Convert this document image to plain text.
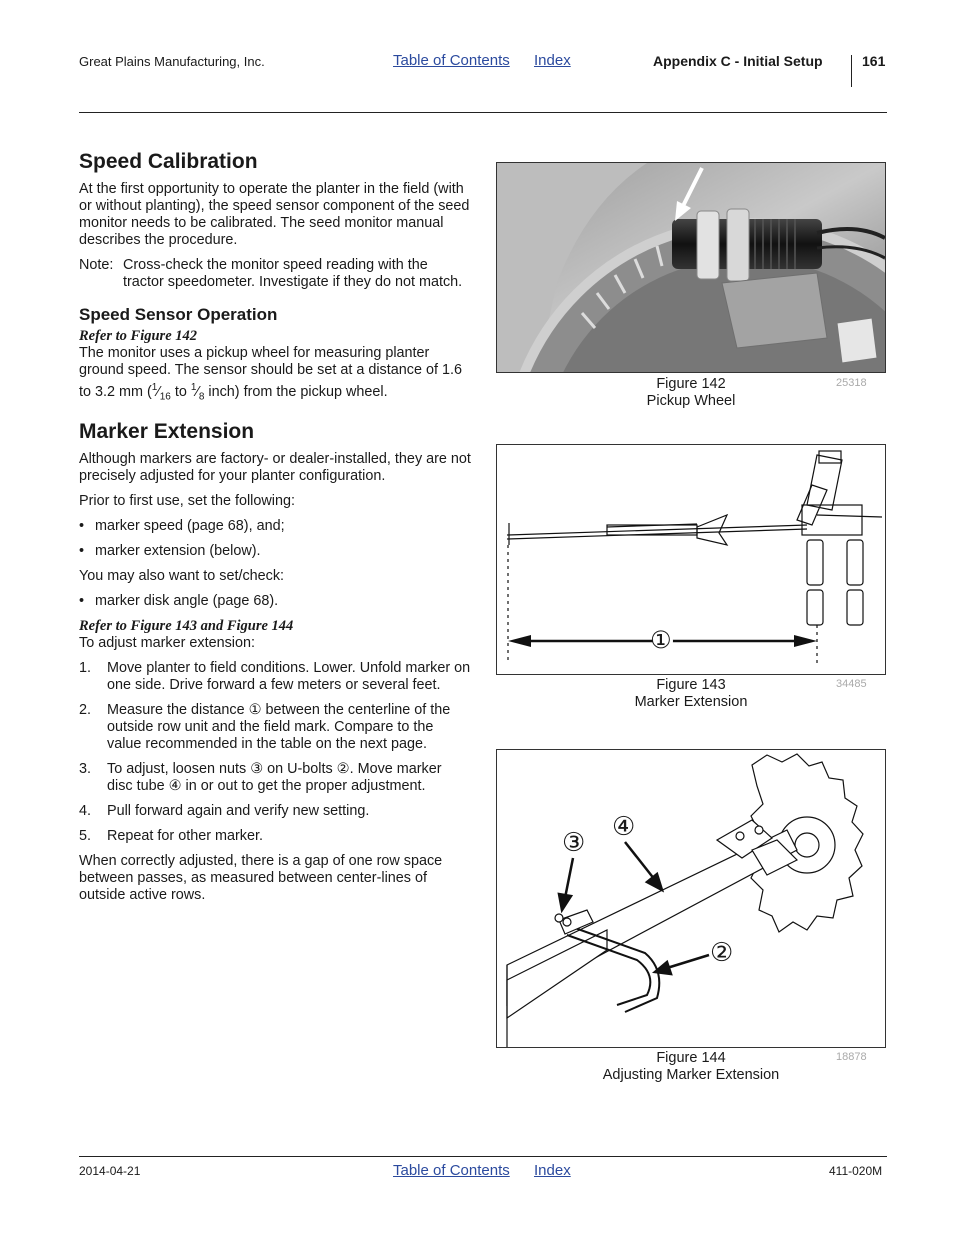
Great Plains Manufacturing, Inc.	Table of Contents Index	Appendix C - Initial Setup	161
Speed Calibration

At the first opportunity to operate the planter in the field (with or without planting), the speed sensor component of the seed monitor needs to be calibrated. The seed monitor manual describes the procedure.

Note: Cross-check the monitor speed reading with the tractor speedometer. Investigate if they do not match.
Speed Sensor Operation

Refer to Figure 142

The monitor uses a pickup wheel for measuring planter ground speed. The sensor should be set at a distance of 1.6 to 3.2 mm ($^1⁄_{16}$ to $^1⁄_8$ inch) from the pickup wheel.

Marker Extension

Although markers are factory- or dealer-installed, they are not precisely adjusted for your planter configuration.

Prior to first use, set the following:

• marker speed (page 68), and;
• marker extension (below).

You may also want to set/check:

• marker disk angle (page 68).

Refer to Figure 143 and Figure 144

To adjust marker extension:

1. Move planter to field conditions. Lower. Unfold marker on one side. Drive forward a few meters or several feet.
2. Measure the distance ① between the centerline of the outside row unit and the field mark. Compare to the value recommended in the table on the next page.
3. To adjust, loosen nuts ③ on U-bolts ②. Move marker disc tube ④ in or out to get the proper adjustment.
4. Pull forward again and verify new setting.
5. Repeat for other marker.

When correctly adjusted, there is a gap of one row space between passes, as measured between center-lines of outside active rows.

Figure 142
Pickup Wheel
25318
①
Figure 143
Marker Extension
34485
③
④
②
Figure 144
Adjusting Marker Extension
18878
2014-04-21	Table of Contents Index	411-020M
